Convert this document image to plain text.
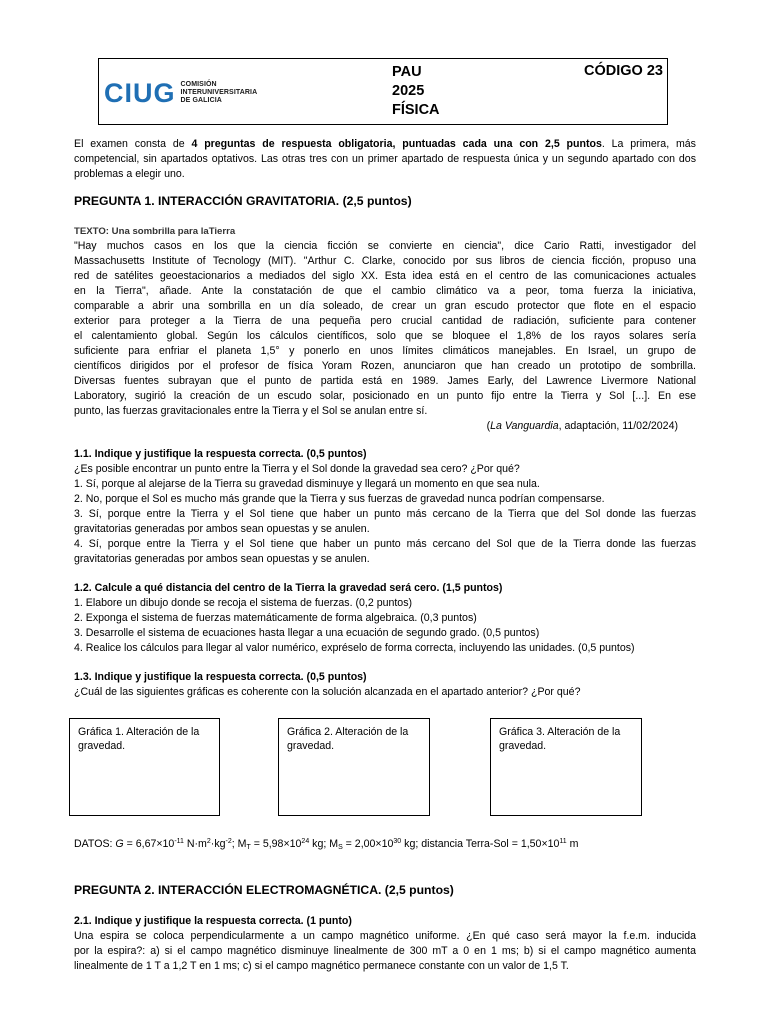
CIUG COMISIÓN
INTERUNIVERSITARIA
DE GALICIA
PAU
2025
FÍSICA
CÓDIGO 23
El examen consta de 4 preguntas de respuesta obligatoria, puntuadas cada una con 2,5 puntos. La primera, más competencial, sin apartados optativos. Las otras tres con un primer apartado de respuesta única y un segundo apartado con dos problemas a elegir uno.
PREGUNTA 1. INTERACCIÓN GRAVITATORIA. (2,5 puntos)
TEXTO: Una sombrilla para laTierra
"Hay muchos casos en los que la ciencia ficción se convierte en ciencia", dice Cario Ratti, investigador del
Massachusetts Institute of Tecnology (MIT). "Arthur C. Clarke, conocido por sus libros de ciencia ficción, propuso una
red de satélites geoestacionarios a mediados del siglo XX. Esta idea está en el centro de las comunicaciones actuales
en la Tierra", añade. Ante la constatación de que el cambio climático va a peor, toma fuerza la iniciativa,
comparable a abrir una sombrilla en un día soleado, de crear un gran escudo protector que flote en el espacio
exterior para proteger a la Tierra de una pequeña pero crucial cantidad de radiación, suficiente para contener
el calentamiento global. Según los cálculos científicos, solo que se bloquee el 1,8% de los rayos solares sería
suficiente para enfriar el planeta 1,5° y ponerlo en unos límites climáticos manejables. En Israel, un grupo de
científicos dirigidos por el profesor de física Yoram Rozen, anunciaron que han creado un prototipo de sombrilla.
Diversas fuentes subrayan que el punto de partida está en 1989. James Early, del Lawrence Livermore National
Laboratory, sugirió la creación de un escudo solar, posicionado en un punto fijo entre la Tierra y Sol [...]. En ese
punto, las fuerzas gravitacionales entre la Tierra y el Sol se anulan entre sí.
(La Vanguardia, adaptación, 11/02/2024)
1.1. Indique y justifique la respuesta correcta. (0,5 puntos)
¿Es posible encontrar un punto entre la Tierra y el Sol donde la gravedad sea cero? ¿Por qué?
1. Sí, porque al alejarse de la Tierra su gravedad disminuye y llegará un momento en que sea nula.
2. No, porque el Sol es mucho más grande que la Tierra y sus fuerzas de gravedad nunca podrían compensarse.
3. Sí, porque entre la Tierra y el Sol tiene que haber un punto más cercano de la Tierra que del Sol donde las fuerzas
gravitatorias generadas por ambos sean opuestas y se anulen.
4. Sí, porque entre la Tierra y el Sol tiene que haber un punto más cercano del Sol que de la Tierra donde las fuerzas
gravitatorias generadas por ambos sean opuestas y se anulen.
1.2. Calcule a qué distancia del centro de la Tierra la gravedad será cero. (1,5 puntos)
1. Elabore un dibujo donde se recoja el sistema de fuerzas. (0,2 puntos)
2. Exponga el sistema de fuerzas matemáticamente de forma algebraica. (0,3 puntos)
3. Desarrolle el sistema de ecuaciones hasta llegar a una ecuación de segundo grado. (0,5 puntos)
4. Realice los cálculos para llegar al valor numérico, expréselo de forma correcta, incluyendo las unidades. (0,5 puntos)
1.3. Indique y justifique la respuesta correcta. (0,5 puntos)
¿Cuál de las siguientes gráficas es coherente con la solución alcanzada en el apartado anterior? ¿Por qué?
Gráfica 1. Alteración de la gravedad.
Gráfica 2. Alteración de la gravedad.
Gráfica 3. Alteración de la gravedad.
DATOS: $G = 6,67\times 10^{-11}$ $N\cdot m^2\cdot kg^{-2}$; $M_T = 5,98\times 10^{24}$ kg; $M_S = 2,00\times 10^{30}$ kg; distancia Terra-Sol = $1,50\times 10^{11}$ m
PREGUNTA 2. INTERACCIÓN ELECTROMAGNÉTICA. (2,5 puntos)
2.1. Indique y justifique la respuesta correcta. (1 punto)
Una espira se coloca perpendicularmente a un campo magnético uniforme. ¿En qué caso será mayor la f.e.m. inducida
por la espira?: a) si el campo magnético disminuye linealmente de 300 mT a 0 en 1 ms; b) si el campo magnético aumenta
linealmente de 1 T a 1,2 T en 1 ms; c) si el campo magnético permanece constante con un valor de 1,5 T.
